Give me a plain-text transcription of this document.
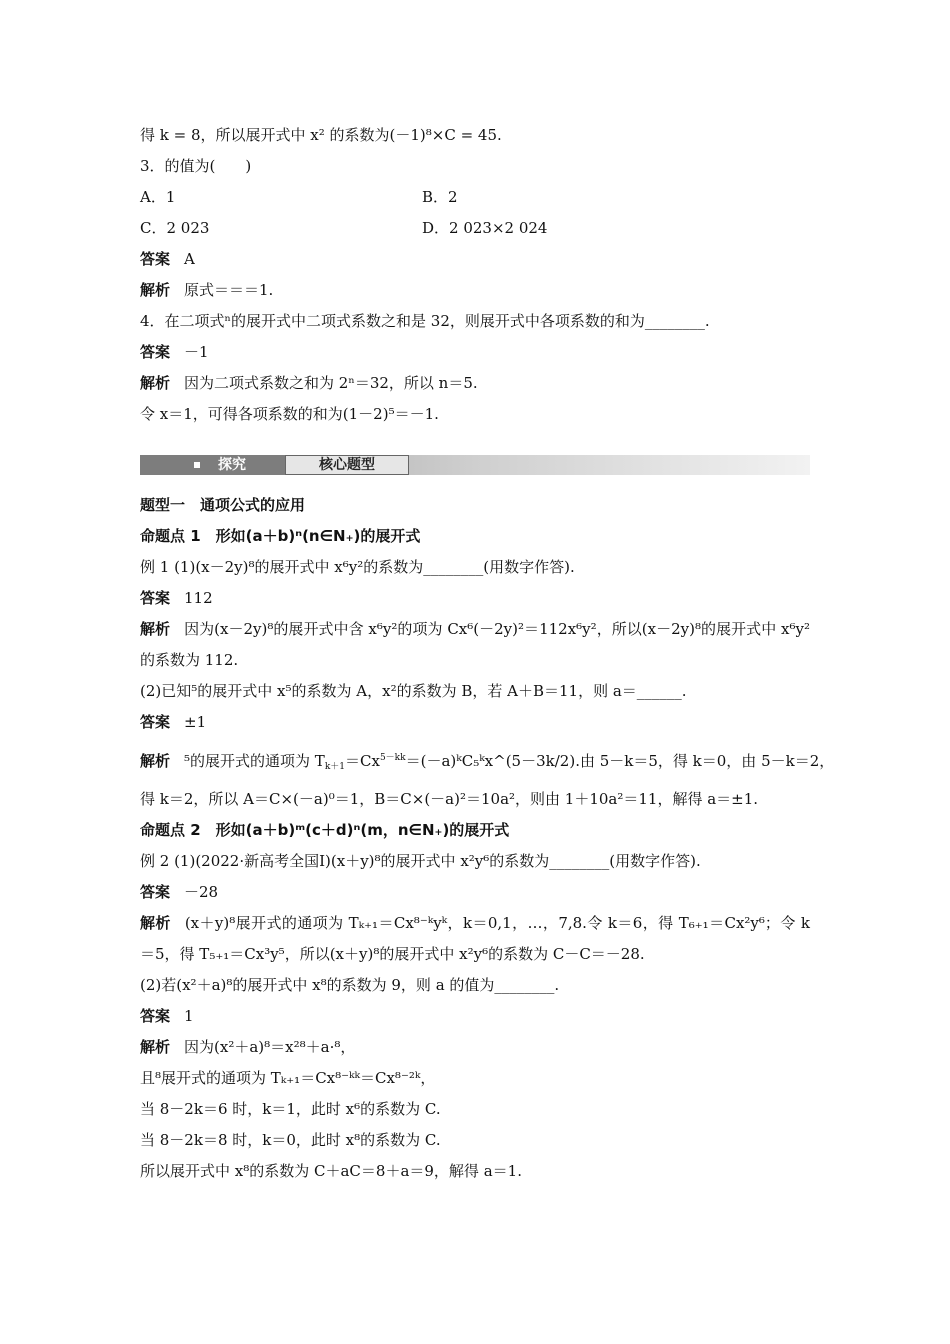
得 k = 8，所以展开式中 x² 的系数为(－1)⁸×C = 45.
3．的值为(　　)
A．1	B．2
C．2 023	D．2 023×2 024
答案 A
解析 原式＝＝＝1.
4．在二项式ⁿ的展开式中二项式系数之和是 32，则展开式中各项系数的和为________.
答案 －1
解析 因为二项式系数之和为 2ⁿ＝32，所以 n＝5.
令 x＝1，可得各项系数的和为(1－2)⁵＝－1.
探究	核心题型
题型一　通项公式的应用
命题点 1　形如(a＋b)ⁿ(n∈N₊)的展开式
例 1 (1)(x－2y)⁸的展开式中 x⁶y²的系数为________(用数字作答).
答案 112
解析 因为(x－2y)⁸的展开式中含 x⁶y²的项为 Cx⁶(－2y)²＝112x⁶y²，所以(x－2y)⁸的展开式中 x⁶y²的系数为 112.
(2)已知⁵的展开式中 x⁵的系数为 A，x²的系数为 B，若 A＋B＝11，则 a＝______.
答案 ±1
解析 ⁵的展开式的通项为 $T_{k+1}=Cx^{5-kk}=(-a)ᵏC_5ᵏx\^{}(5-3k/2)$.由 5－k＝5，得 k＝0，由 5－k＝2，
得 k＝2，所以 A＝C×(－a)⁰＝1，B＝C×(－a)²＝10a²，则由 1＋10a²＝11，解得 a＝±1.
命题点 2　形如(a＋b)ᵐ(c＋d)ⁿ(m，n∈N₊)的展开式
例 2 (1)(2022·新高考全国Ⅰ)(x＋y)⁸的展开式中 x²y⁶的系数为________(用数字作答).
答案 －28
解析 (x＋y)⁸展开式的通项为 Tₖ₊₁＝Cx⁸⁻ᵏyᵏ，k＝0,1，…，7,8.令 k＝6，得 T₆₊₁＝Cx²y⁶；令 k＝5，得 T₅₊₁＝Cx³y⁵，所以(x＋y)⁸的展开式中 x²y⁶的系数为 C－C＝－28.
(2)若(x²＋a)⁸的展开式中 x⁸的系数为 9，则 a 的值为________.
答案 1
解析 因为(x²＋a)⁸＝x²⁸＋a·⁸，
且⁸展开式的通项为 Tₖ₊₁＝Cx⁸⁻ᵏᵏ＝Cx⁸⁻²ᵏ，
当 8－2k＝6 时，k＝1，此时 x⁶的系数为 C.
当 8－2k＝8 时，k＝0，此时 x⁸的系数为 C.
所以展开式中 x⁸的系数为 C＋aC＝8＋a＝9，解得 a＝1.
